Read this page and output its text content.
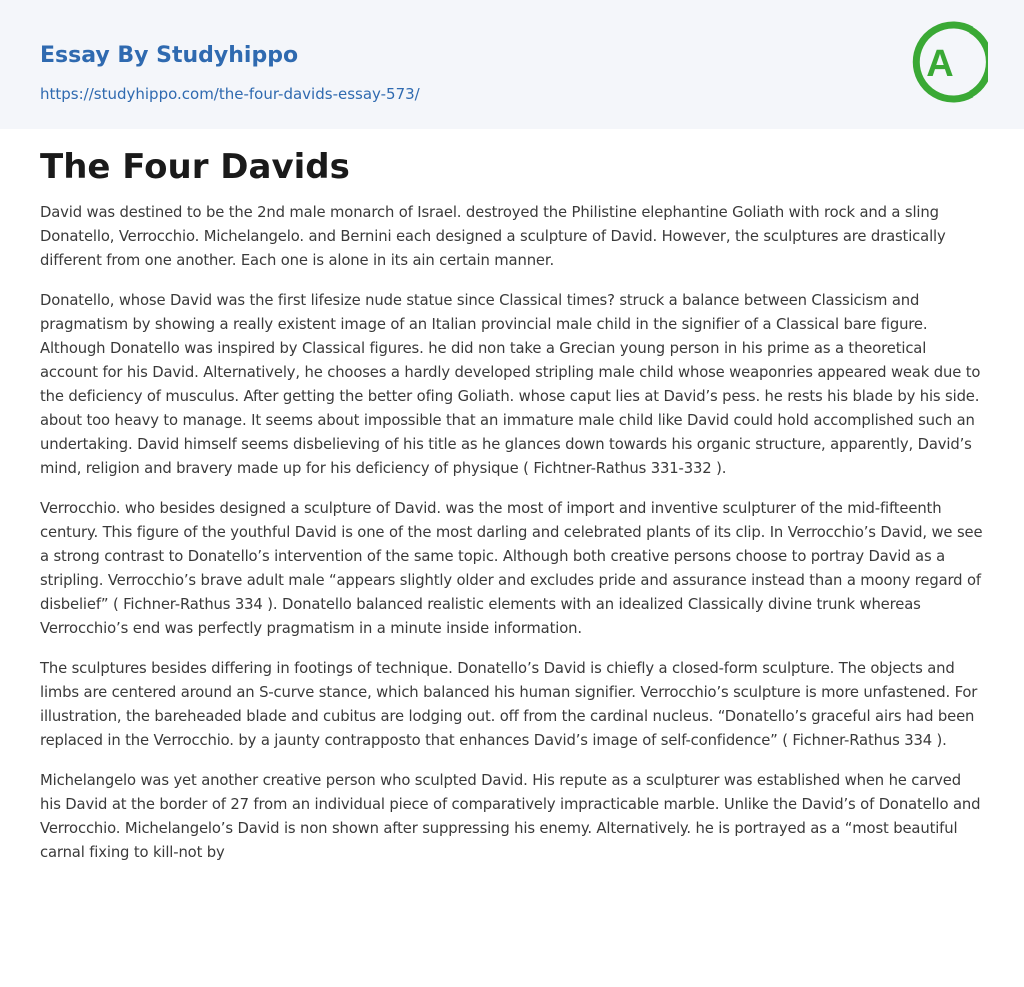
Essay By Studyhippo
https://studyhippo.com/the-four-davids-essay-573/
A
The Four Davids

David was destined to be the 2nd male monarch of Israel. destroyed the Philistine elephantine Goliath with rock and a sling Donatello, Verrocchio. Michelangelo. and Bernini each designed a sculpture of David. However, the sculptures are drastically different from one another. Each one is alone in its ain certain manner.

Donatello, whose David was the first lifesize nude statue since Classical times? struck a balance between Classicism and pragmatism by showing a really existent image of an Italian provincial male child in the signifier of a Classical bare figure. Although Donatello was inspired by Classical figures. he did non take a Grecian young person in his prime as a theoretical account for his David. Alternatively, he chooses a hardly developed stripling male child whose weaponries appeared weak due to the deficiency of musculus. After getting the better ofing Goliath. whose caput lies at David’s pess. he rests his blade by his side. about too heavy to manage. It seems about impossible that an immature male child like David could hold accomplished such an undertaking. David himself seems disbelieving of his title as he glances down towards his organic structure, apparently, David’s mind, religion and bravery made up for his deficiency of physique ( Fichtner-Rathus 331-332 ).

Verrocchio. who besides designed a sculpture of David. was the most of import and inventive sculpturer of the mid-fifteenth century. This figure of the youthful David is one of the most darling and celebrated plants of its clip. In Verrocchio’s David, we see a strong contrast to Donatello’s intervention of the same topic. Although both creative persons choose to portray David as a stripling. Verrocchio’s brave adult male “appears slightly older and excludes pride and assurance instead than a moony regard of disbelief” ( Fichner-Rathus 334 ). Donatello balanced realistic elements with an idealized Classically divine trunk whereas Verrocchio’s end was perfectly pragmatism in a minute inside information.

The sculptures besides differing in footings of technique. Donatello’s David is chiefly a closed-form sculpture. The objects and limbs are centered around an S-curve stance, which balanced his human signifier. Verrocchio’s sculpture is more unfastened. For illustration, the bareheaded blade and cubitus are lodging out. off from the cardinal nucleus. “Donatello’s graceful airs had been replaced in the Verrocchio. by a jaunty contrapposto that enhances David’s image of self-confidence” ( Fichner-Rathus 334 ).

Michelangelo was yet another creative person who sculpted David. His repute as a sculpturer was established when he carved his David at the border of 27 from an individual piece of comparatively impracticable marble. Unlike the David’s of Donatello and Verrocchio. Michelangelo’s David is non shown after suppressing his enemy. Alternatively. he is portrayed as a “most beautiful carnal fixing to kill-not by
